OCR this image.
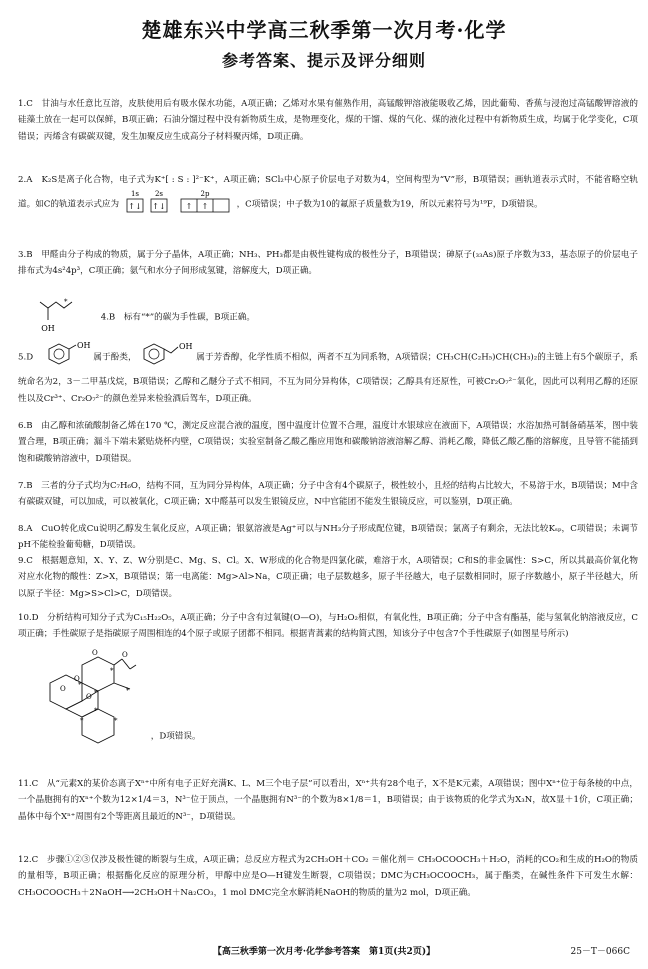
楚雄东兴中学高三秋季第一次月考·化学
参考答案、提示及评分细则
1.C　甘油与水任意比互溶，皮肤使用后有吸水保水功能，A项正确；乙烯对水果有催熟作用，高锰酸钾溶液能吸收乙烯，因此葡萄、香蕉与浸泡过高锰酸钾溶液的硅藻土放在一起可以保鲜，B项正确；石油分馏过程中没有新物质生成，是物理变化，煤的干馏、煤的气化、煤的液化过程中有新物质生成，均属于化学变化，C项错误；丙烯含有碳碳双键，发生加聚反应生成高分子材料聚丙烯，D项正确。
2.A　K₂S是离子化合物，电子式为K⁺[ : S : ]²⁻K⁺，A项正确；SCl₂中心原子价层电子对数为4，空间构型为“V”形，B项错误；画轨道表示式时，不能省略空轨道。如C的轨道表示式应为
1s 2s	2p
↑↓ ↑↓ ↑ ↑	，C项错误；中子数为10的氟原子质量数为19，所以元素符号为¹⁹F，D项错误。
3.B　甲醛由分子构成的物质，属于分子晶体，A项正确；NH₃、PH₃都是由极性键构成的极性分子，B项错误；砷原子(₃₃As)原子序数为33，基态原子的价层电子排布式为4s²4p³，C项正确；氨气和水分子间形成氢键，溶解度大，D项正确。
OH
*
4.B　标有“*”的碳为手性碳，B项正确。
5.D　
OH
属于酚类，
OH
属于芳香醇，化学性质不相似，两者不互为同系物，A项错误；CH₃CH(C₂H₅)CH(CH₃)₂的主链上有5个碳原子，系统命名为2，3－二甲基戊烷，B项错误；乙醇和乙醚分子式不相同，不互为同分异构体，C项错误；乙醇具有还原性，可被Cr₂O₇²⁻氧化，因此可以利用乙醇的还原性以及Cr³⁺、Cr₂O₇²⁻的颜色差异来检验酒后驾车，D项正确。
6.B　由乙醇和浓硫酸制备乙烯在170 ℃，测定反应混合液的温度，图中温度计位置不合理，温度计水银球应在液面下，A项错误；水浴加热可制备硝基苯，图中装置合理，B项正确；漏斗下端未紧贴烧杯内壁，C项错误；实验室制备乙酸乙酯应用饱和碳酸钠溶液溶解乙醇、消耗乙酸，降低乙酸乙酯的溶解度，且导管不能插到饱和碳酸钠溶液中，D项错误。
7.B　三者的分子式均为C₇H₆O，结构不同，互为同分异构体，A项正确；分子中含有4个碳原子，极性较小，且烃的结构占比较大，不易溶于水，B项错误；M中含有碳碳双键，可以加成，可以被氧化，C项正确；X中醛基可以发生银镜反应，N中官能团不能发生银镜反应，可以鉴别，D项正确。
8.A　CuO转化成Cu说明乙醇发生氧化反应，A项正确；银氨溶液是Ag⁺可以与NH₃分子形成配位键，B项错误；氯离子有剩余，无法比较Kₛₚ，C项错误；未调节pH不能检验葡萄糖，D项错误。
9.C　根据题意知，X、Y、Z、W分别是C、Mg、S、Cl。X、W形成的化合物是四氯化碳，难溶于水，A项错误；C和S的非金属性：S>C，所以其最高价氧化物对应水化物的酸性：Z>X，B项错误；第一电离能：Mg>Al>Na，C项正确；电子层数越多，原子半径越大，电子层数相同时，原子序数越小，原子半径越大，所以原子半径：Mg>S>Cl>C，D项错误。
10.D　分析结构可知分子式为C₁₅H₂₂O₅，A项正确；分子中含有过氧键(O—O)，与H₂O₂相似，有氧化性，B项正确；分子中含有酯基，能与氢氧化钠溶液反应，C项正确；手性碳原子是指碳原子周围相连的4个原子或原子团都不相同。根据青蒿素的结构简式图，知该分子中包含7个手性碳原子(如图星号所示)

O	O
O
O
O
*
*
*
*
*
*
*
，D项错误。
11.C　从“元素X的某价态离子Xⁿ⁺中所有电子正好充满K、L、M三个电子层”可以看出，Xⁿ⁺共有28个电子，X不是K元素，A项错误；图中Xⁿ⁺位于每条棱的中点，一个晶胞拥有的Xⁿ⁺个数为12×1/4＝3，N³⁻位于顶点，一个晶胞拥有N³⁻的个数为8×1/8＝1，B项错误；由于该物质的化学式为X₃N，故X显＋1价，C项正确；晶体中每个Xⁿ⁺周围有2个等距离且最近的N³⁻，D项错误。
12.C　步骤①②③仅涉及极性键的断裂与生成，A项正确；总反应方程式为2CH₃OH＋CO₂ ＝催化剂＝ CH₃OCOOCH₃＋H₂O，消耗的CO₂和生成的H₂O的物质的量相等，B项正确；根据酯化反应的原理分析，甲醇中应是O—H键发生断裂，C项错误；DMC为CH₃OCOOCH₃，属于酯类，在碱性条件下可发生水解：CH₃OCOOCH₃＋2NaOH⟶2CH₃OH＋Na₂CO₃，1 mol DMC完全水解消耗NaOH的物质的量为2 mol，D项正确。
【高三秋季第一次月考·化学参考答案　第1页(共2页)】	25－T－066C
